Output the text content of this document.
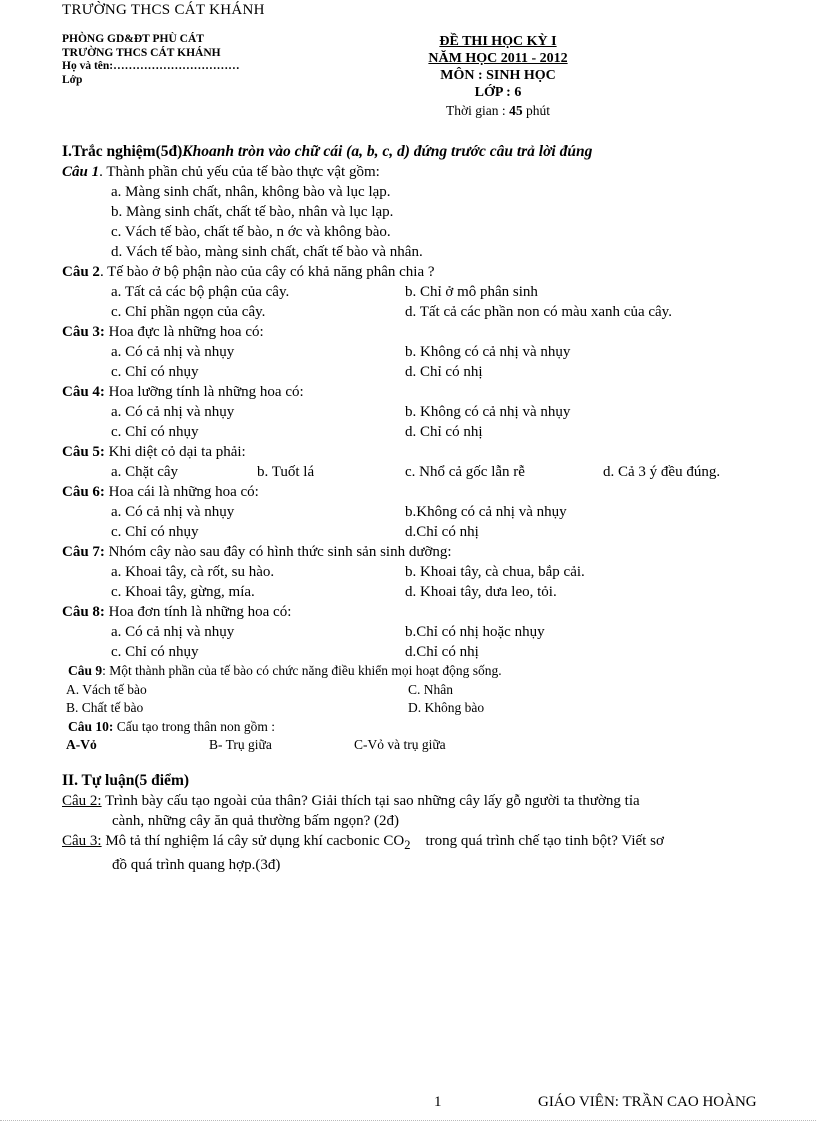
TRƯỜNG THCS CÁT KHÁNH
PHÒNG GD&ĐT PHÙ CÁT
TRƯỜNG THCS CÁT KHÁNH
Họ và tên:……………………………
Lớp
ĐỀ THI HỌC KỲ I
NĂM HỌC 2011 - 2012
MÔN : SINH HỌC
LỚP : 6
Thời gian : 45 phút
I.Trắc nghiệm(5đ)Khoanh tròn vào chữ cái (a, b, c, d) đứng trước câu trả lời đúng
Câu 1. Thành phần chủ yếu của tế bào thực vật gồm:
a. Màng sinh chất, nhân, không bào và lục lạp.
b. Màng sinh chất, chất tế bào, nhân và lục lạp.
c. Vách tế bào, chất tế bào, n ớc và không bào.
d. Vách tế bào, màng sinh chất, chất tế bào và nhân.
Câu 2. Tế bào ở bộ phận nào của cây có khả năng phân chia ?
a. Tất cả các bộ phận của cây.	b. Chỉ ở mô phân sinh
c. Chỉ phần ngọn của cây.	d. Tất cả các phần non có màu xanh của cây.
Câu 3: Hoa đực là những hoa có:
a. Có cả nhị và nhụy	b. Không có cả nhị và nhụy
c. Chỉ có nhụy	d. Chỉ có nhị
Câu 4: Hoa lưỡng tính là những hoa có:
a. Có cả nhị và nhụy	b. Không có cả nhị và nhụy
c. Chỉ có nhụy	d. Chỉ có nhị
Câu 5: Khi diệt cỏ dại ta phải:
a. Chặt cây	b. Tuốt lá	c. Nhổ cả gốc lẫn rễ	d. Cả 3 ý đều đúng.
Câu 6: Hoa cái là những hoa có:
a. Có cả nhị và nhụy	b.Không có cả nhị và nhụy
c. Chỉ có nhụy	d.Chỉ có nhị
Câu 7: Nhóm cây nào sau đây có hình thức sinh sản sinh dưỡng:
a. Khoai tây, cà rốt, su hào.	b. Khoai tây, cà chua, bắp cải.
c. Khoai tây, gừng, mía.	d. Khoai tây, dưa leo, tỏi.
Câu 8: Hoa đơn tính là những hoa có:
a. Có cả nhị và nhụy	b.Chỉ có nhị hoặc nhụy
c. Chỉ có nhụy	d.Chỉ có nhị
Câu 9: Một thành phần của tế bào có chức năng điều khiển mọi hoạt động sống.
A. Vách tế bào	C. Nhân
B. Chất tế bào	D. Không bào
Câu 10: Cấu tạo trong thân non gồm :
A-Vỏ	B- Trụ giữa	C-Vỏ và trụ giữa
II. Tự luận(5 điểm)
Câu 2: Trình bày cấu tạo ngoài của thân? Giải thích tại sao những cây lấy gỗ người ta thường tỉa
cành, những cây ăn quả thường bấm ngọn? (2đ)
Câu 3: Mô tả thí nghiệm lá cây sử dụng khí cacbonic $CO_2$    trong quá trình chế tạo tinh bột? Viết sơ
đồ quá trình quang hợp.(3đ)
1	GIÁO VIÊN: TRẦN CAO HOÀNG
